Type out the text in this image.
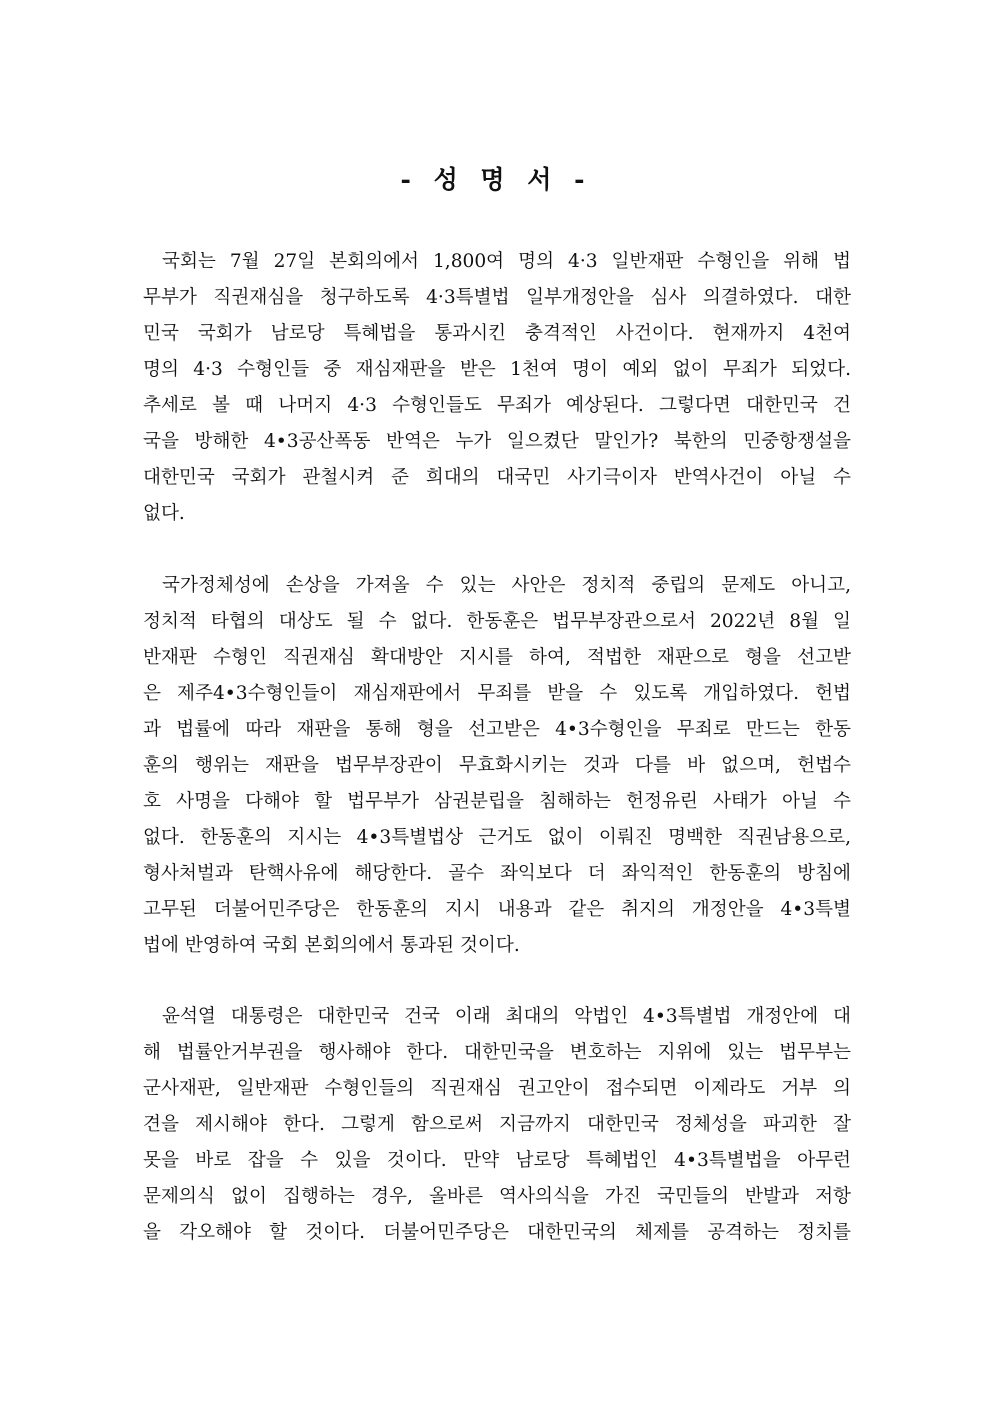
- 성 명 서 -
국회는 7월 27일 본회의에서 1,800여 명의 4·3 일반재판 수형인을 위해 법
무부가 직권재심을 청구하도록 4·3특별법 일부개정안을 심사 의결하였다. 대한
민국 국회가 남로당 특혜법을 통과시킨 충격적인 사건이다. 현재까지 4천여
명의 4·3 수형인들 중 재심재판을 받은 1천여 명이 예외 없이 무죄가 되었다.
추세로 볼 때 나머지 4·3 수형인들도 무죄가 예상된다. 그렇다면 대한민국 건
국을 방해한 4•3공산폭동 반역은 누가 일으켰단 말인가? 북한의 민중항쟁설을
대한민국 국회가 관철시켜 준 희대의 대국민 사기극이자 반역사건이 아닐 수
없다.
국가정체성에 손상을 가져올 수 있는 사안은 정치적 중립의 문제도 아니고,
정치적 타협의 대상도 될 수 없다. 한동훈은 법무부장관으로서 2022년 8월 일
반재판 수형인 직권재심 확대방안 지시를 하여, 적법한 재판으로 형을 선고받
은 제주4•3수형인들이 재심재판에서 무죄를 받을 수 있도록 개입하였다. 헌법
과 법률에 따라 재판을 통해 형을 선고받은 4•3수형인을 무죄로 만드는 한동
훈의 행위는 재판을 법무부장관이 무효화시키는 것과 다를 바 없으며, 헌법수
호 사명을 다해야 할 법무부가 삼권분립을 침해하는 헌정유린 사태가 아닐 수
없다. 한동훈의 지시는 4•3특별법상 근거도 없이 이뤄진 명백한 직권남용으로,
형사처벌과 탄핵사유에 해당한다. 골수 좌익보다 더 좌익적인 한동훈의 방침에
고무된 더불어민주당은 한동훈의 지시 내용과 같은 취지의 개정안을 4•3특별
법에 반영하여 국회 본회의에서 통과된 것이다.
윤석열 대통령은 대한민국 건국 이래 최대의 악법인 4•3특별법 개정안에 대
해 법률안거부권을 행사해야 한다. 대한민국을 변호하는 지위에 있는 법무부는
군사재판, 일반재판 수형인들의 직권재심 권고안이 접수되면 이제라도 거부 의
견을 제시해야 한다. 그렇게 함으로써 지금까지 대한민국 정체성을 파괴한 잘
못을 바로 잡을 수 있을 것이다. 만약 남로당 특혜법인 4•3특별법을 아무런
문제의식 없이 집행하는 경우, 올바른 역사의식을 가진 국민들의 반발과 저항
을 각오해야 할 것이다. 더불어민주당은 대한민국의 체제를 공격하는 정치를
